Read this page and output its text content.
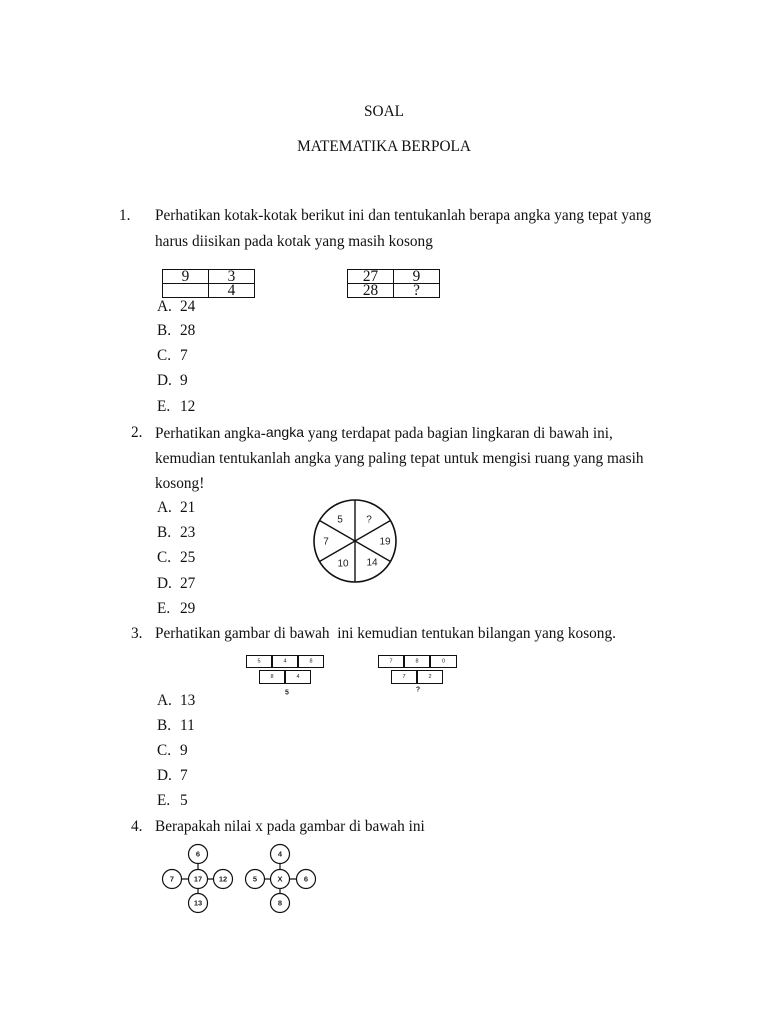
SOAL
MATEMATIKA BERPOLA
1. Perhatikan kotak-kotak berikut ini dan tentukanlah berapa angka yang tepat yang
harus diisikan pada kotak yang masih kosong
9	3
	4
27	9
28	?
A. 24
B. 28
C. 7
D. 9
E. 12
2. Perhatikan angka-angka yang terdapat pada bagian lingkaran di bawah ini,
kemudian tentukanlah angka yang paling tepat untuk mengisi ruang yang masih
kosong!
5 ?
19
14
10
7
A. 21
B. 23
C. 25
D. 27
E. 29
3. Perhatikan gambar di bawah  ini kemudian tentukan bilangan yang kosong.
5	4	8
8	4
5
7	8	0
7	2
?
A. 13
B. 11
C. 9
D. 7
E. 5
4. Berapakah nilai x pada gambar di bawah ini
6
7	17 12
13
4
5	X	6
8
